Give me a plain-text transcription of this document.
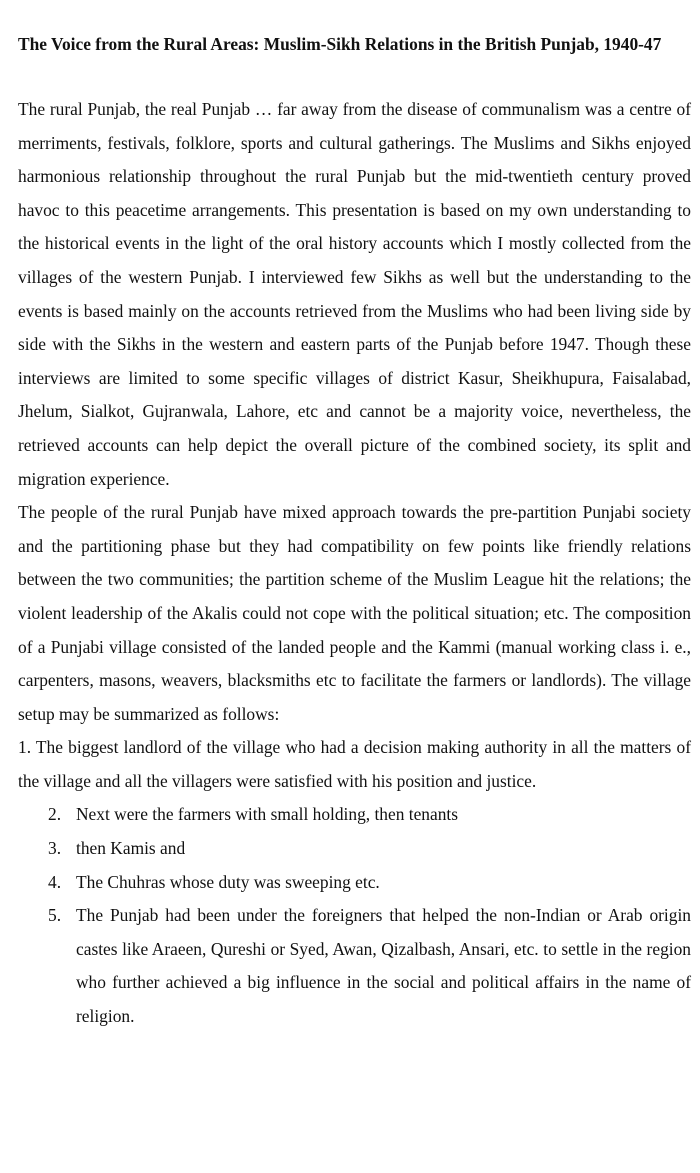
The Voice from the Rural Areas: Muslim-Sikh Relations in the British Punjab, 1940-47

The rural Punjab, the real Punjab … far away from the disease of communalism was a centre of merriments, festivals, folklore, sports and cultural gatherings. The Muslims and Sikhs enjoyed harmonious relationship throughout the rural Punjab but the mid-twentieth century proved havoc to this peacetime arrangements. This presentation is based on my own understanding to the historical events in the light of the oral history accounts which I mostly collected from the villages of the western Punjab. I interviewed few Sikhs as well but the understanding to the events is based mainly on the accounts retrieved from the Muslims who had been living side by side with the Sikhs in the western and eastern parts of the Punjab before 1947. Though these interviews are limited to some specific villages of district Kasur, Sheikhupura, Faisalabad, Jhelum, Sialkot, Gujranwala, Lahore, etc and cannot be a majority voice, nevertheless, the retrieved accounts can help depict the overall picture of the combined society, its split and migration experience.

The people of the rural Punjab have mixed approach towards the pre-partition Punjabi society and the partitioning phase but they had compatibility on few points like friendly relations between the two communities; the partition scheme of the Muslim League hit the relations; the violent leadership of the Akalis could not cope with the political situation; etc. The composition of a Punjabi village consisted of the landed people and the Kammi (manual working class i. e., carpenters, masons, weavers, blacksmiths etc to facilitate the farmers or landlords). The village setup may be summarized as follows:

1. The biggest landlord of the village who had a decision making authority in all the matters of the village and all the villagers were satisfied with his position and justice.

2. Next were the farmers with small holding, then tenants
3. then Kamis and
4. The Chuhras whose duty was sweeping etc.
5. The Punjab had been under the foreigners that helped the non-Indian or Arab origin castes like Araeen, Qureshi or Syed, Awan, Qizalbash, Ansari, etc. to settle in the region who further achieved a big influence in the social and political affairs in the name of religion.
